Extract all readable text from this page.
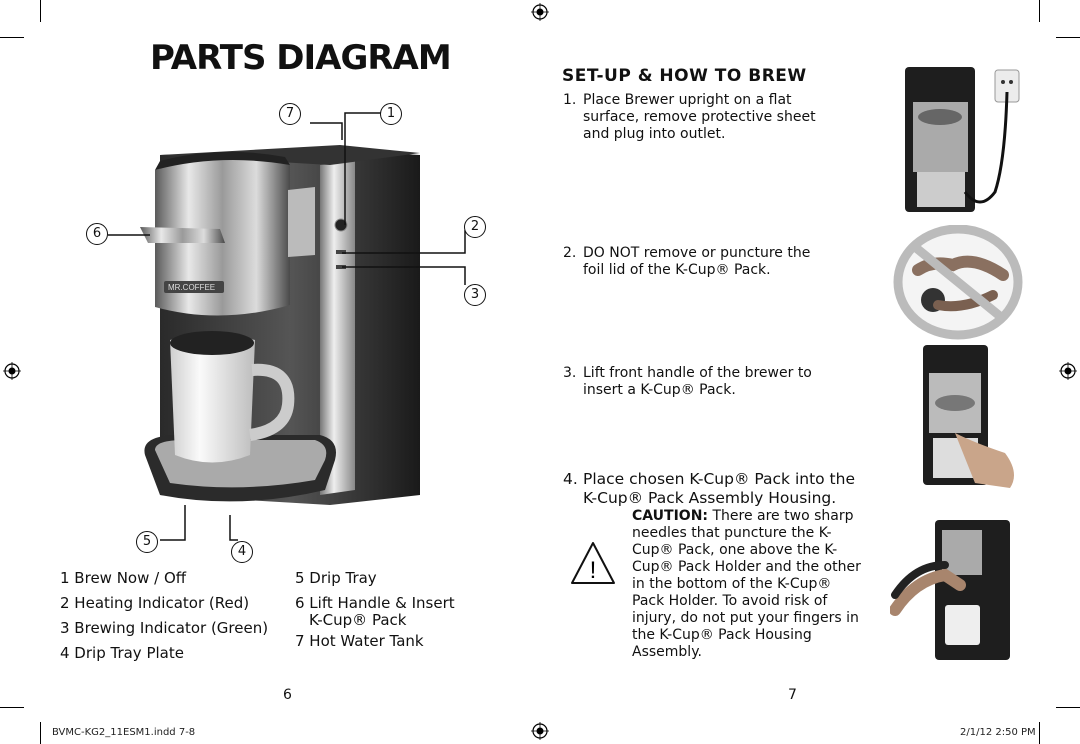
PARTS DIAGRAM
MR.COFFEE
7	1
6	2
3
5
4
1 Brew Now / Off
2 Heating Indicator (Red)
3 Brewing Indicator (Green)
4 Drip Tray Plate
5 Drip Tray
6 Lift Handle & Insert
K-Cup® Pack
7 Hot Water Tank
6
SET-UP & HOW TO BREW
1. Place Brewer upright on a flat surface, remove protective sheet and plug into outlet.
2. DO NOT remove or puncture the foil lid of the K-Cup® Pack.
3. Lift front handle of the brewer to insert a K-Cup® Pack.
4. Place chosen K-Cup® Pack into the K-Cup® Pack Assembly Housing.
!
CAUTION: There are two sharp needles that puncture the K-Cup® Pack, one above the K-Cup® Pack Holder and the other in the bottom of the K-Cup® Pack Holder. To avoid risk of injury, do not put your fingers in the K-Cup® Pack Housing Assembly.
7
BVMC-KG2_11ESM1.indd 7-8	2/1/12 2:50 PM
